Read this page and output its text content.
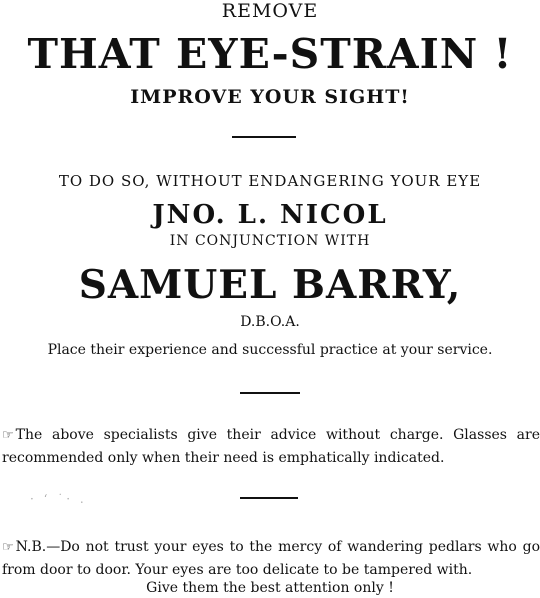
REMOVE
THAT EYE-STRAIN !
IMPROVE YOUR SIGHT!
TO DO SO, WITHOUT ENDANGERING YOUR EYE
JNO. L. NICOL
IN CONJUNCTION WITH
SAMUEL BARRY,
D.B.O.A.
Place their experience and successful practice at your service.
☞ The above specialists give their advice without charge. Glasses are recommended only when their need is emphatically indicated.
· ʻ ˙· .
☞ N.B.—Do not trust your eyes to the mercy of wandering pedlars who go from door to door. Your eyes are too delicate to be tampered with.
Give them the best attention only !
